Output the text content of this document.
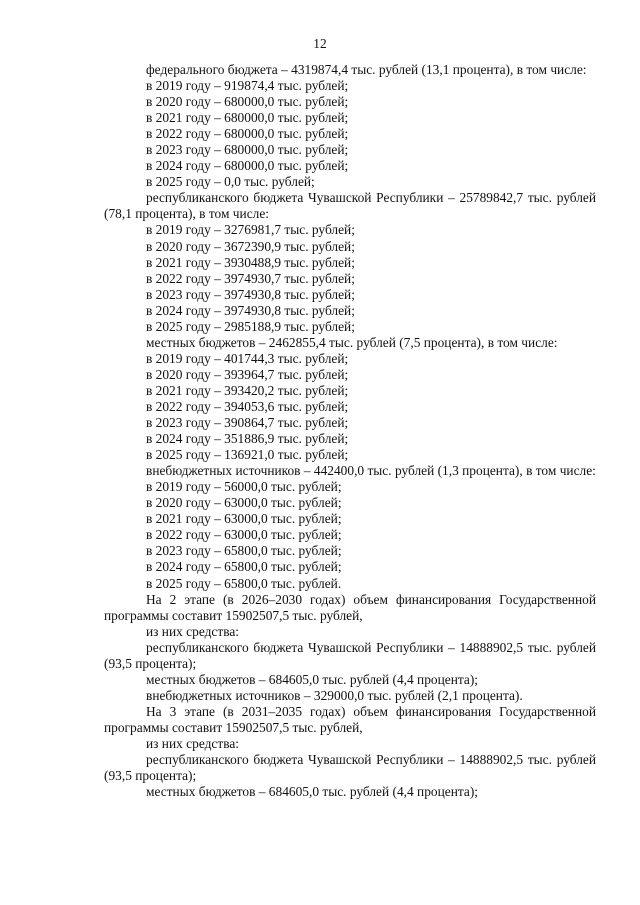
12
федерального бюджета – 4319874,4 тыс. рублей (13,1 процента), в том числе:
в 2019 году – 919874,4 тыс. рублей;
в 2020 году – 680000,0 тыс. рублей;
в 2021 году – 680000,0 тыс. рублей;
в 2022 году – 680000,0 тыс. рублей;
в 2023 году – 680000,0 тыс. рублей;
в 2024 году – 680000,0 тыс. рублей;
в 2025 году – 0,0 тыс. рублей;
республиканского бюджета Чувашской Республики – 25789842,7 тыс. рублей (78,1 процента), в том числе:
в 2019 году – 3276981,7 тыс. рублей;
в 2020 году – 3672390,9 тыс. рублей;
в 2021 году – 3930488,9 тыс. рублей;
в 2022 году – 3974930,7 тыс. рублей;
в 2023 году – 3974930,8 тыс. рублей;
в 2024 году – 3974930,8 тыс. рублей;
в 2025 году – 2985188,9 тыс. рублей;
местных бюджетов – 2462855,4 тыс. рублей (7,5 процента), в том числе:
в 2019 году – 401744,3 тыс. рублей;
в 2020 году – 393964,7 тыс. рублей;
в 2021 году – 393420,2 тыс. рублей;
в 2022 году – 394053,6 тыс. рублей;
в 2023 году – 390864,7 тыс. рублей;
в 2024 году – 351886,9 тыс. рублей;
в 2025 году – 136921,0 тыс. рублей;
внебюджетных источников – 442400,0 тыс. рублей (1,3 процента), в том числе:
в 2019 году – 56000,0 тыс. рублей;
в 2020 году – 63000,0 тыс. рублей;
в 2021 году – 63000,0 тыс. рублей;
в 2022 году – 63000,0 тыс. рублей;
в 2023 году – 65800,0 тыс. рублей;
в 2024 году – 65800,0 тыс. рублей;
в 2025 году – 65800,0 тыс. рублей.
На 2 этапе (в 2026–2030 годах) объем финансирования Государственной программы составит 15902507,5 тыс. рублей,
из них средства:
республиканского бюджета Чувашской Республики – 14888902,5 тыс. рублей (93,5 процента);
местных бюджетов – 684605,0 тыс. рублей (4,4 процента);
внебюджетных источников – 329000,0 тыс. рублей (2,1 процента).
На 3 этапе (в 2031–2035 годах) объем финансирования Государственной программы составит 15902507,5 тыс. рублей,
из них средства:
республиканского бюджета Чувашской Республики – 14888902,5 тыс. рублей (93,5 процента);
местных бюджетов – 684605,0 тыс. рублей (4,4 процента);
